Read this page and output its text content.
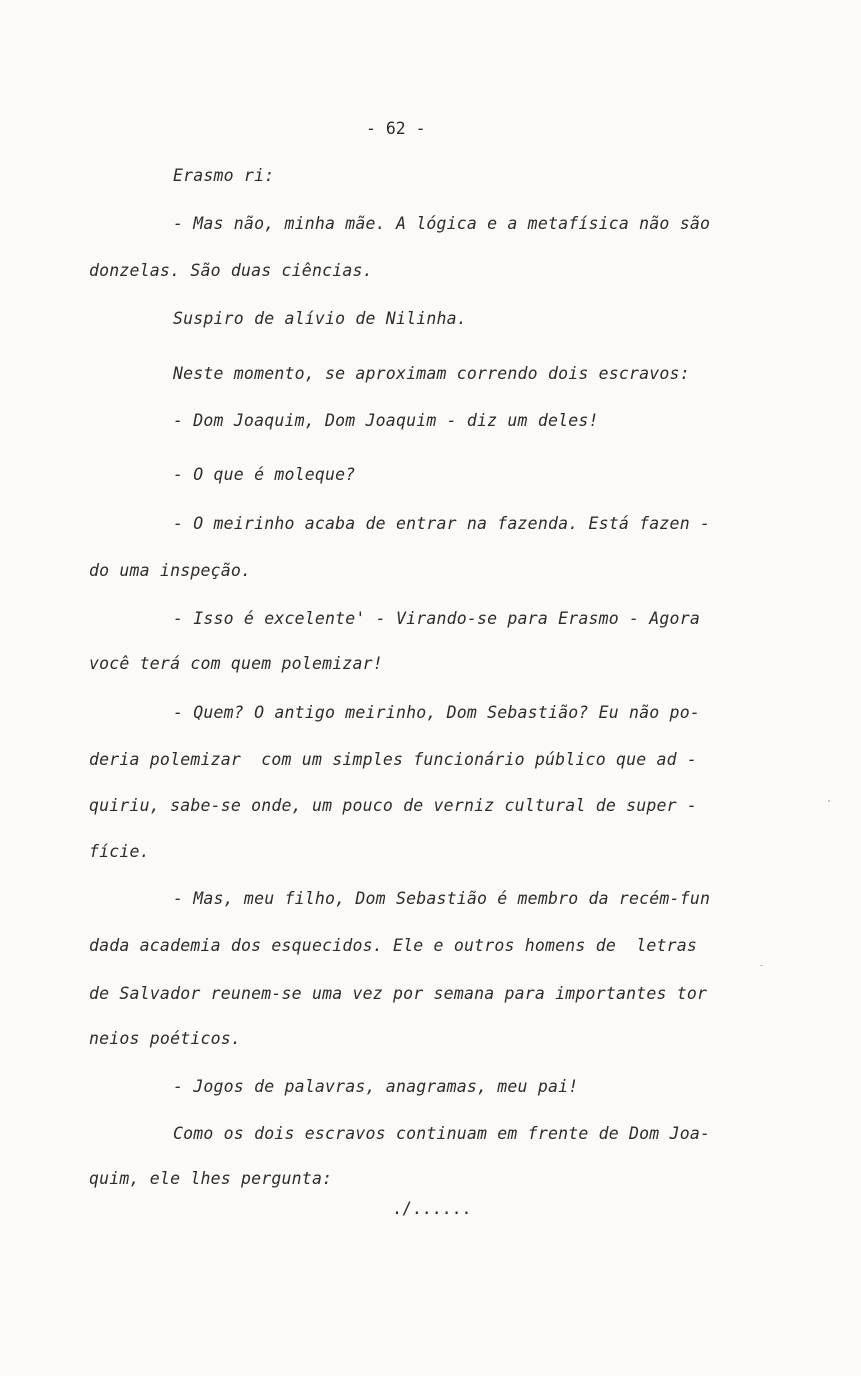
- 62 -
Erasmo ri:
- Mas não, minha mãe. A lógica e a metafísica não são
donzelas. São duas ciências.
Suspiro de alívio de Nilinha.
Neste momento, se aproximam correndo dois escravos:
- Dom Joaquim, Dom Joaquim - diz um deles!
- O que é moleque?
- O meirinho acaba de entrar na fazenda. Está fazen -
do uma inspeção.
- Isso é excelente' - Virando-se para Erasmo - Agora
você terá com quem polemizar!
- Quem? O antigo meirinho, Dom Sebastião? Eu não po-
deria polemizar  com um simples funcionário público que ad -
quiriu, sabe-se onde, um pouco de verniz cultural de super -
fície.
- Mas, meu filho, Dom Sebastião é membro da recém-fun
dada academia dos esquecidos. Ele e outros homens de  letras
de Salvador reunem-se uma vez por semana para importantes tor
neios poéticos.
- Jogos de palavras, anagramas, meu pai!
Como os dois escravos continuam em frente de Dom Joa-
quim, ele lhes pergunta:
./......
